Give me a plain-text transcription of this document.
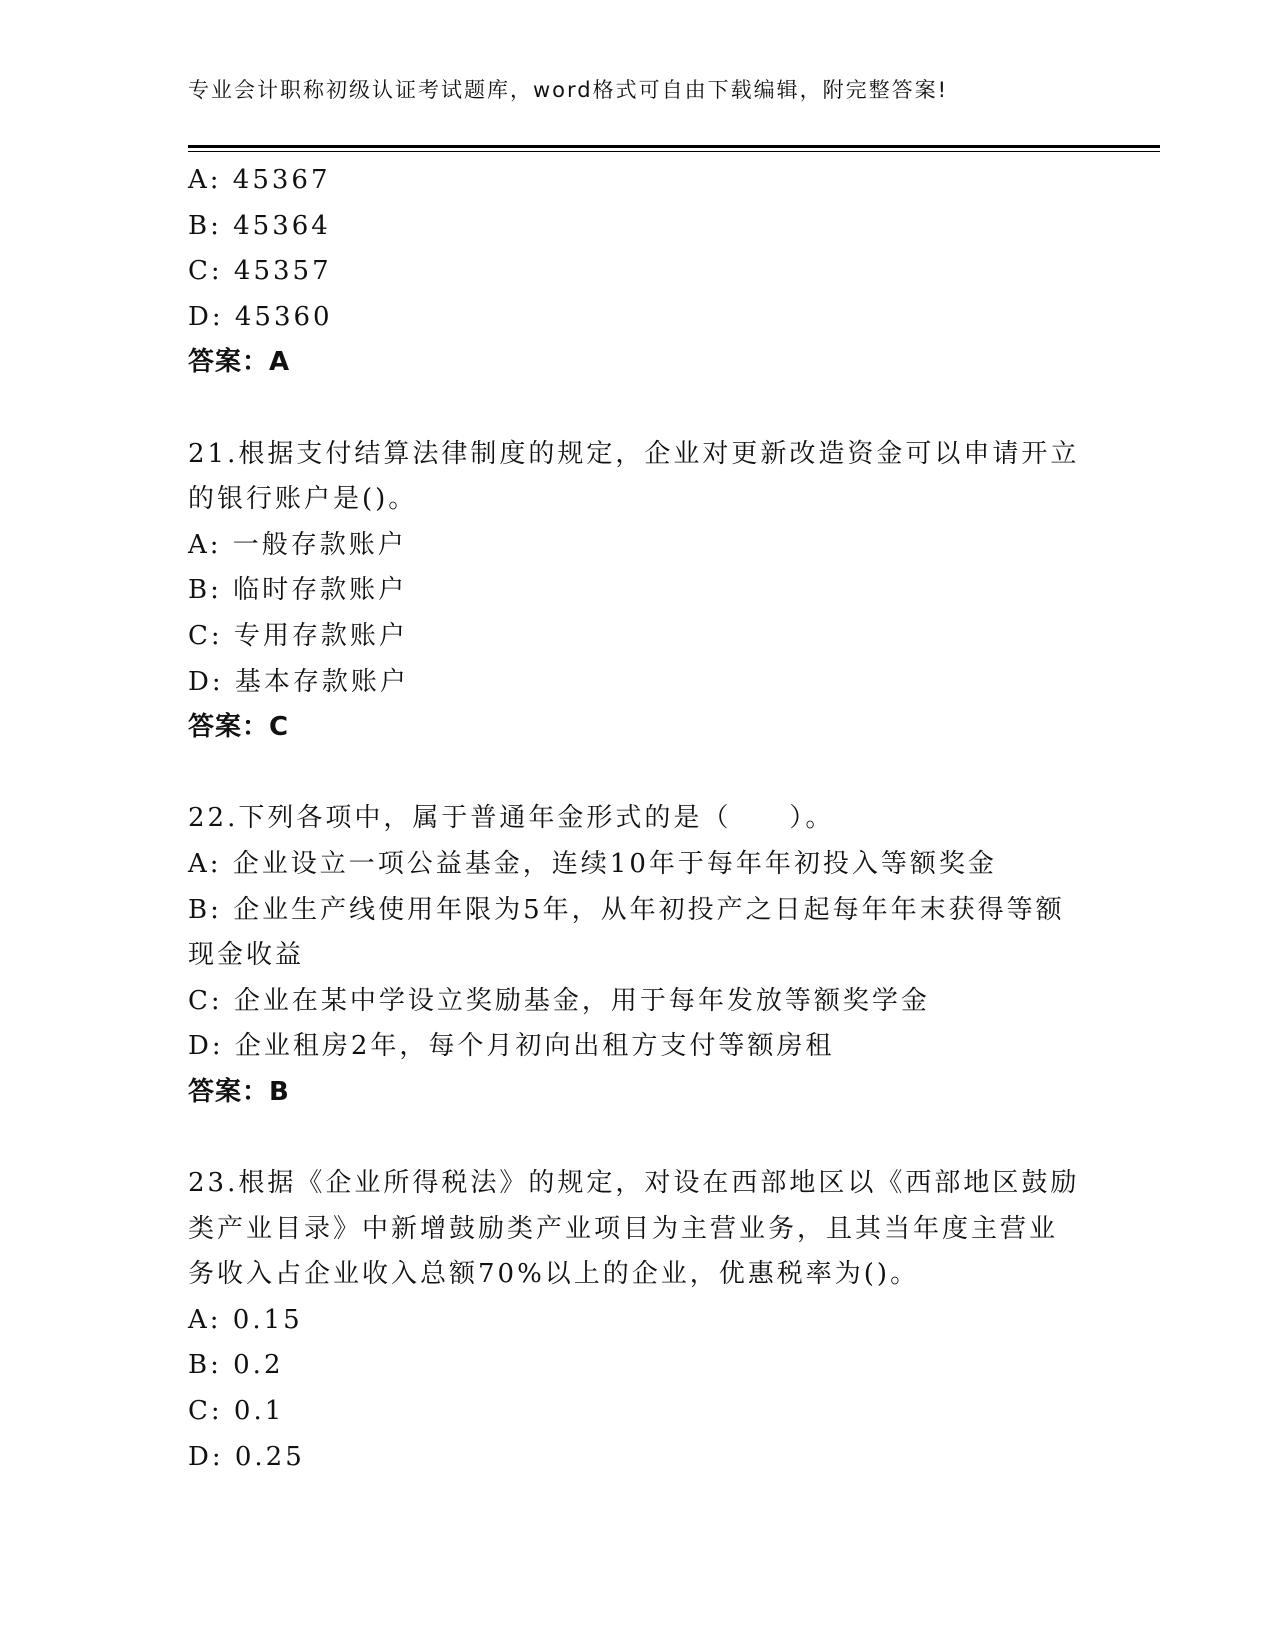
专业会计职称初级认证考试题库，word格式可自由下载编辑，附完整答案!
A: 45367
B: 45364
C: 45357
D: 45360
答案：A
21.根据支付结算法律制度的规定，企业对更新改造资金可以申请开立
的银行账户是()。
A: 一般存款账户
B: 临时存款账户
C: 专用存款账户
D: 基本存款账户
答案：C
22.下列各项中，属于普通年金形式的是（　　）。
A: 企业设立一项公益基金，连续10年于每年年初投入等额奖金
B: 企业生产线使用年限为5年，从年初投产之日起每年年末获得等额
现金收益
C: 企业在某中学设立奖励基金，用于每年发放等额奖学金
D: 企业租房2年，每个月初向出租方支付等额房租
答案：B
23.根据《企业所得税法》的规定，对设在西部地区以《西部地区鼓励
类产业目录》中新增鼓励类产业项目为主营业务，且其当年度主营业
务收入占企业收入总额70%以上的企业，优惠税率为()。
A: 0.15
B: 0.2
C: 0.1
D: 0.25
